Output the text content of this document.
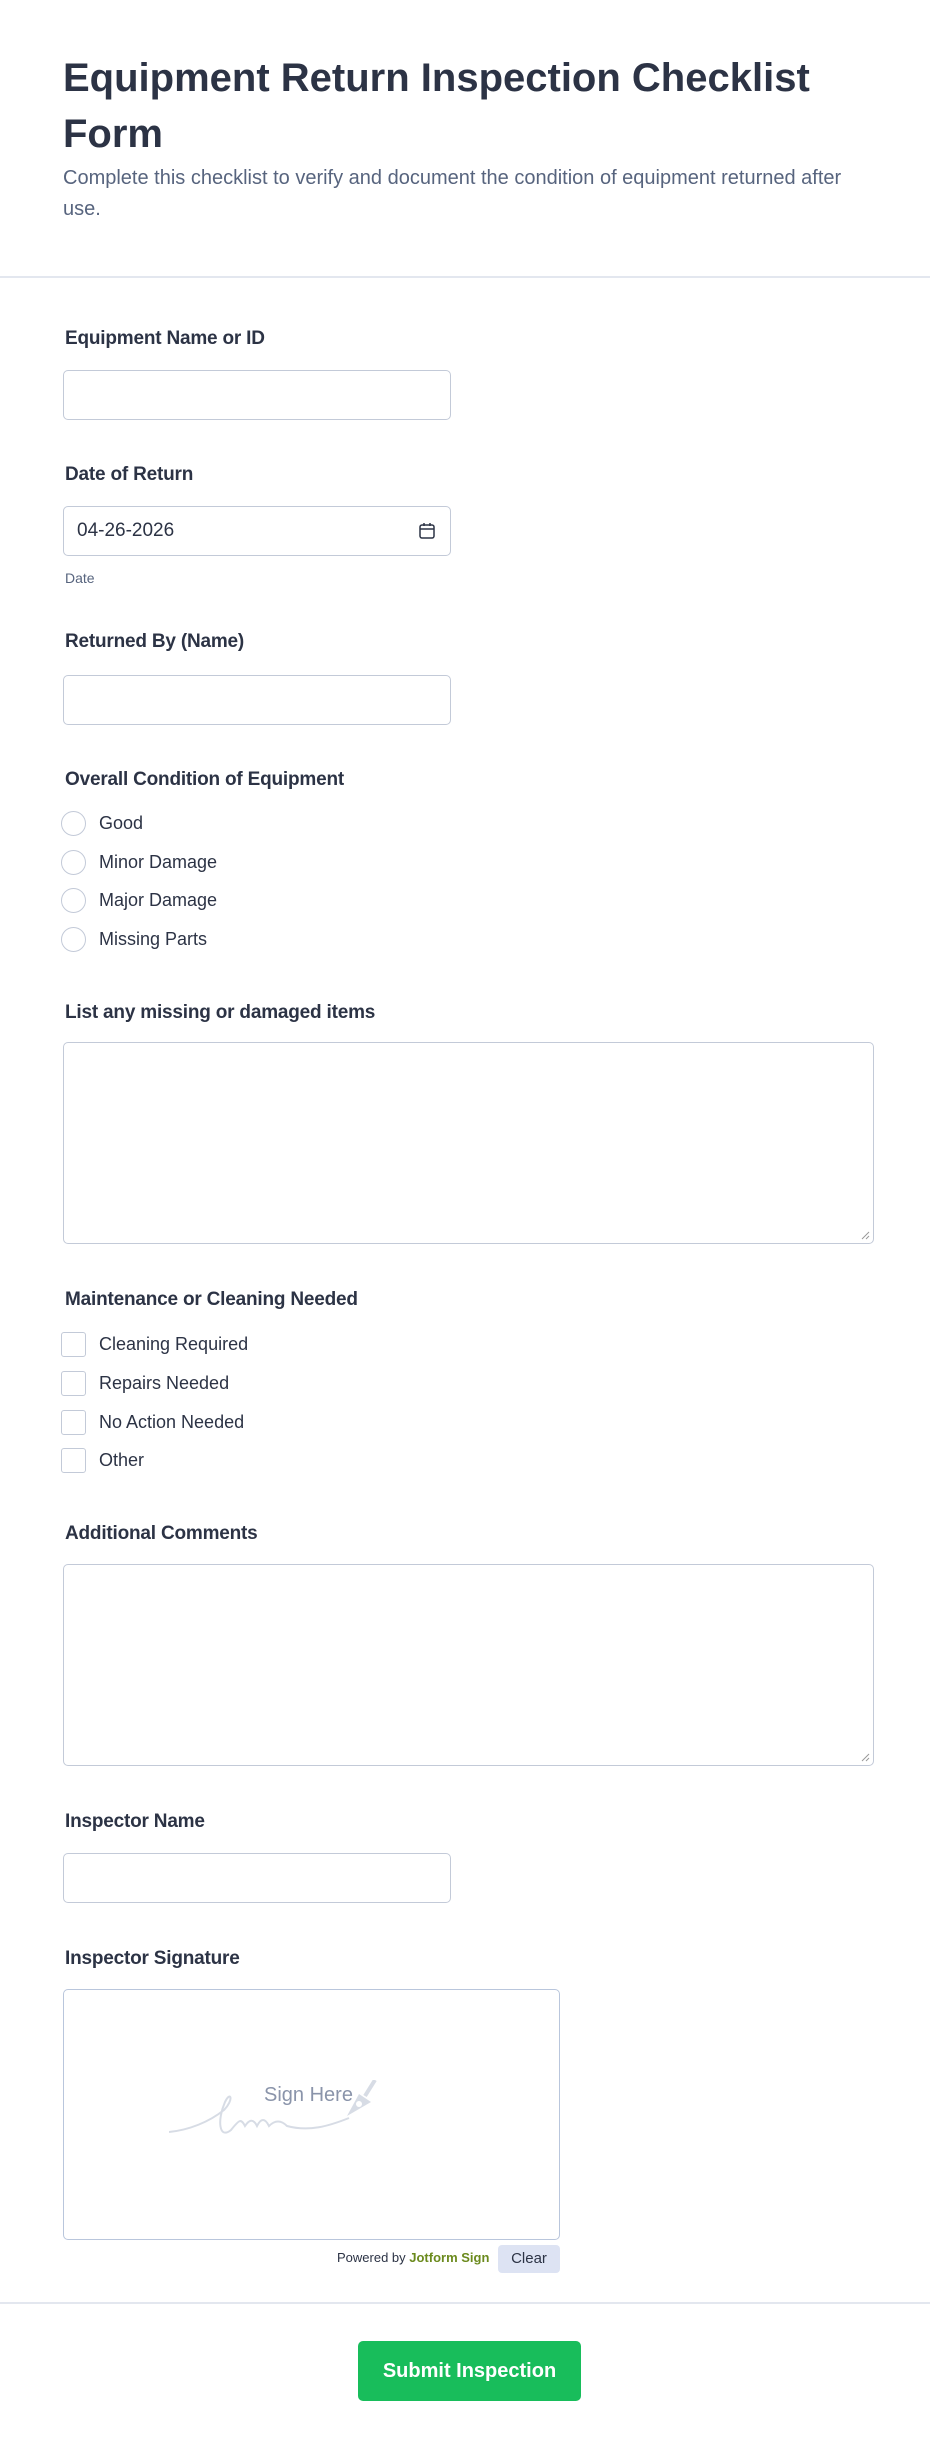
Equipment Return Inspection Checklist Form

Complete this checklist to verify and document the condition of equipment returned after use.

Equipment Name or ID
Date of Return
04-26-2026
Date
Returned By (Name)
Overall Condition of Equipment
Good
Minor Damage
Major Damage
Missing Parts
List any missing or damaged items
Maintenance or Cleaning Needed
Cleaning Required
Repairs Needed
No Action Needed
Other
Additional Comments
Inspector Name
Inspector Signature
Sign Here
Powered by Jotform Sign	Clear
Submit Inspection
